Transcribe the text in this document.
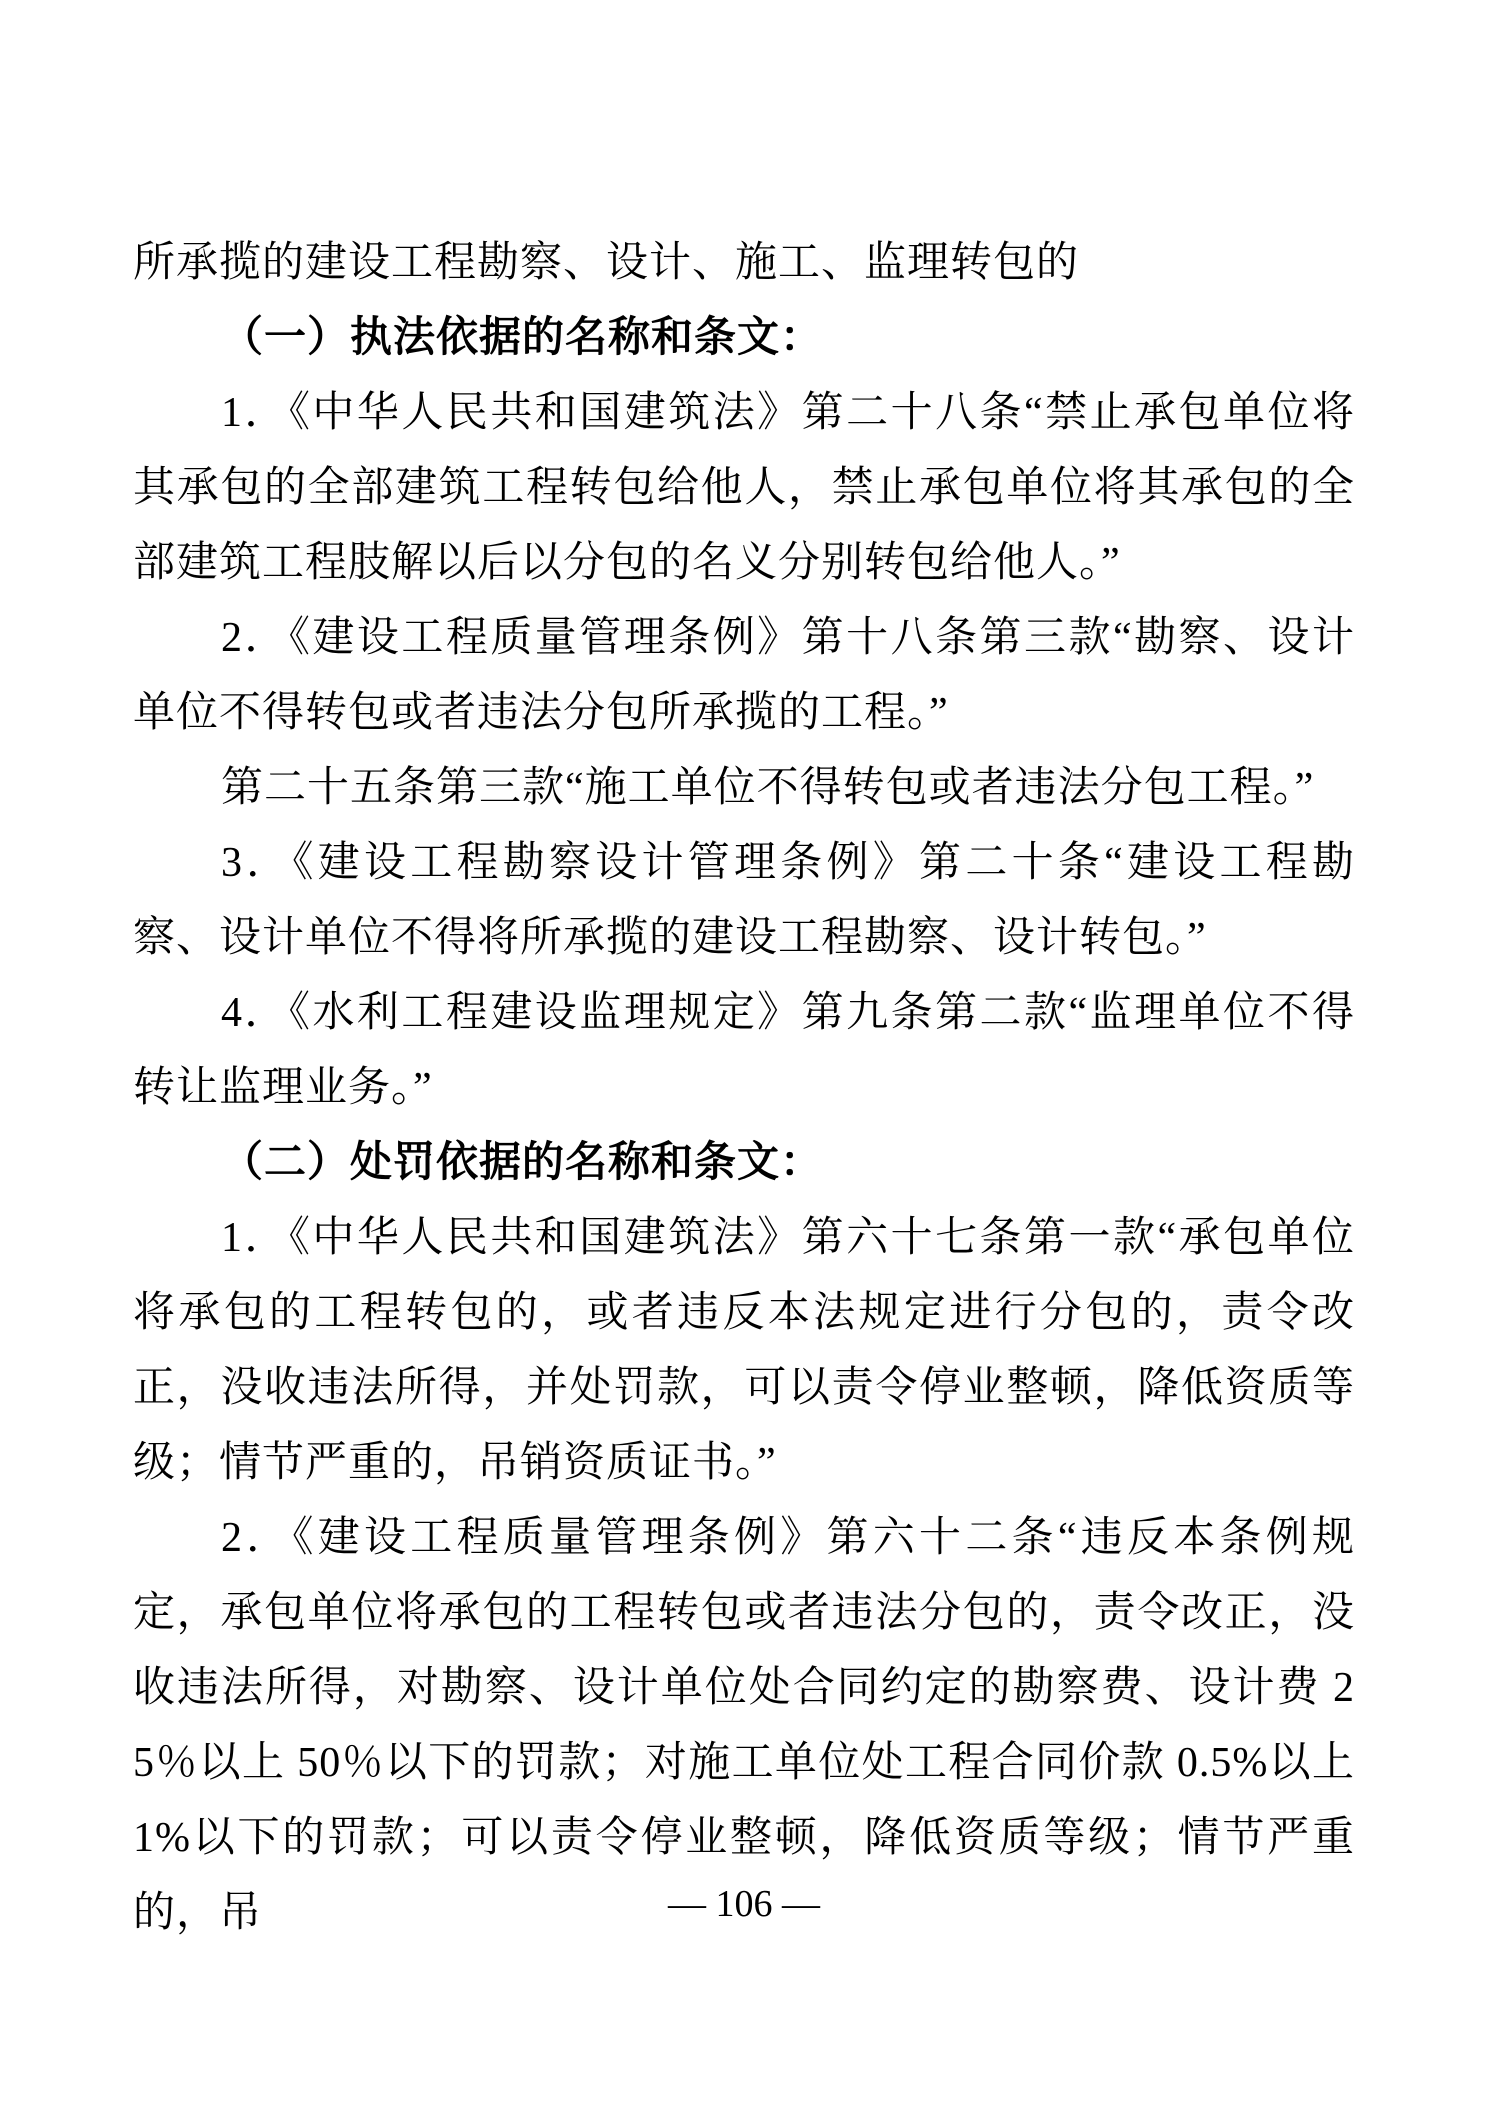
所承揽的建设工程勘察、设计、施工、监理转包的

（一）执法依据的名称和条文：

1．《中华人民共和国建筑法》第二十八条“禁止承包单位将其承包的全部建筑工程转包给他人，禁止承包单位将其承包的全部建筑工程肢解以后以分包的名义分别转包给他人。”

2．《建设工程质量管理条例》第十八条第三款“勘察、设计单位不得转包或者违法分包所承揽的工程。”

第二十五条第三款“施工单位不得转包或者违法分包工程。”

3．《建设工程勘察设计管理条例》第二十条“建设工程勘察、设计单位不得将所承揽的建设工程勘察、设计转包。”

4．《水利工程建设监理规定》第九条第二款“监理单位不得转让监理业务。”

（二）处罚依据的名称和条文：

1．《中华人民共和国建筑法》第六十七条第一款“承包单位将承包的工程转包的，或者违反本法规定进行分包的，责令改正，没收违法所得，并处罚款，可以责令停业整顿，降低资质等级；情节严重的，吊销资质证书。”

2．《建设工程质量管理条例》第六十二条“违反本条例规定，承包单位将承包的工程转包或者违法分包的，责令改正，没收违法所得，对勘察、设计单位处合同约定的勘察费、设计费 25％以上 50％以下的罚款；对施工单位处工程合同价款 0.5%以上 1%以下的罚款；可以责令停业整顿，降低资质等级；情节严重的，吊	— 106 —
